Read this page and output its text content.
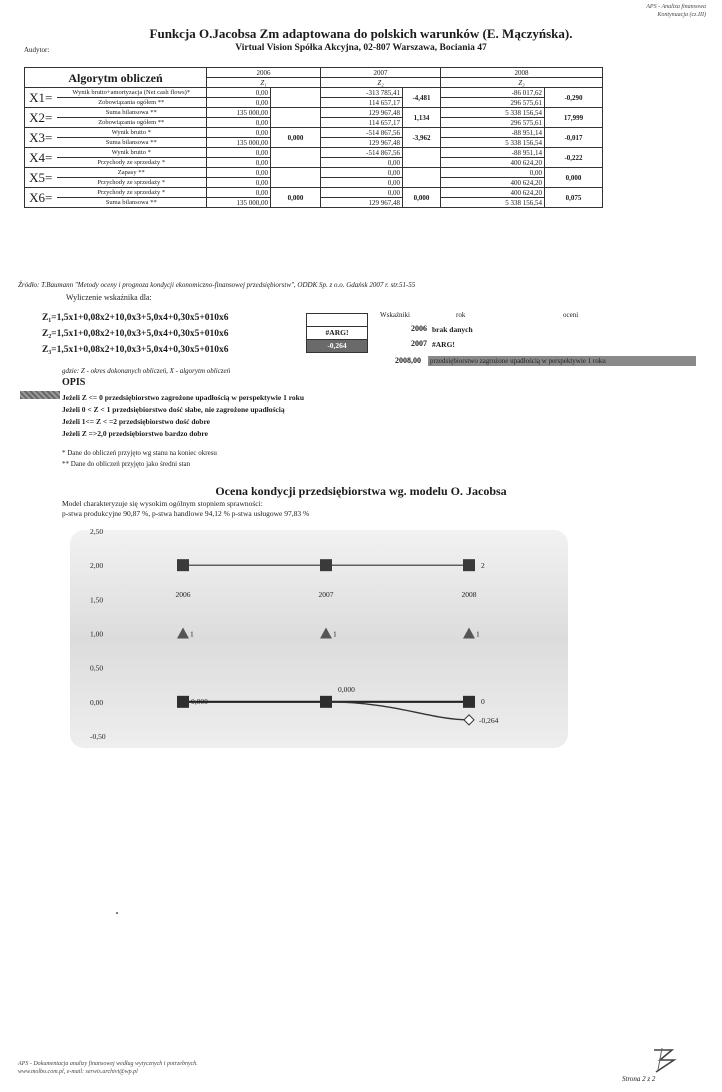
APS - Analiza finansowa
Kontynuacja (cz.III)
Funkcja O.Jacobsa Zm adaptowana do polskich warunków (E. Mączyńska).
Virtual Vision Spółka Akcyjna, 02-807 Warszawa, Bociania 47
Audytor:
Algorytm obliczeń		2006		2007		2008	
		Z₁		Z₂		Z₃	
X1=	Wynik brutto+amortyzacja (Net cash flows)*	0,00		-313 785,41	-4,481	-86 017,62	-0,290
	Zobowiązania ogółem **	0,00		114 657,17		296 575,61	
X2=	Suma bilansowa **	135 000,00		129 967,48	1,134	5 338 156,54	17,999
	Zobowiązania ogółem **	0,00		114 657,17		296 575,61	
X3=	Wynik brutto *	0,00	0,000	-514 867,56	-3,962	-88 951,14	-0,017
	Suma bilansowa **	135 000,00		129 967,48		5 338 156,54	
X4=	Wynik brutto *	0,00		-514 867,56		-88 951,14	-0,222
	Przychody ze sprzedaży *	0,00		0,00		400 624,20	
X5=	Zapasy **	0,00		0,00		0,00	0,000
	Przychody ze sprzedaży *	0,00		0,00		400 624,20	
X6=	Przychody ze sprzedaży *	0,00	0,000	0,00	0,000	400 624,20	0,075
	Suma bilansowa **	135 000,00		129 967,48		5 338 156,54	
Źródło: T.Baumann "Metody oceny i prognoza kondycji ekonomiczno-finansowej przedsiębiorstw", ODDK Sp. z o.o. Gdańsk 2007 r. str.51-55
Wyliczenie wskaźnika dla:
Z₁=1,5x1+0,08x2+10,0x3+5,0x4+0,30x5+010x6
Z₂=1,5x1+0,08x2+10,0x3+5,0x4+0,30x5+010x6
Z₃=1,5x1+0,08x2+10,0x3+5,0x4+0,30x5+010x6
#ARG!
-0,264
Wskaźniki	rok	oceni
2006 brak danych
2007 #ARG!
2008,00 przedsiębiorstwo zagrożone upadłością w perspektywie 1 roku
gdzie: Z - okres dokonanych obliczeń, X - algorytm obliczeń
OPIS
Jeżeli Z <= 0 przedsiębiorstwo zagrożone upadłością w perspektywie 1 roku
Jeżeli 0 < Z < 1 przedsiębiorstwo dość słabe, nie zagrożone upadłością
Jeżeli 1<= Z < =2 przedsiębiorstwo dość dobre
Jeżeli Z =>2,0 przedsiębiorstwo bardzo dobre
* Dane do obliczeń przyjęto wg stanu na koniec okresu
** Dane do obliczeń przyjęto jako średni stan
Ocena kondycji przedsiębiorstwa wg. modelu O. Jacobsa
Model charakteryzuje się wysokim ogólnym stopniem sprawności:
p-stwa produkcyjne 90,87 %, p-stwa handlowe 94,12 % p-stwa usługowe 97,83 %
2,50
2,00
1,50
1,00
0,50
0,00
-0,50
2006	2007	2008
2
1	1	1
0,000
0,000
0
-0,264
APS - Dokumentacja analizy finansowej według wytycznych i potrzebnych.
www.molbo.com.pl, e-mail: serwis.archivi@wp.pl
Strona 2 z 2
